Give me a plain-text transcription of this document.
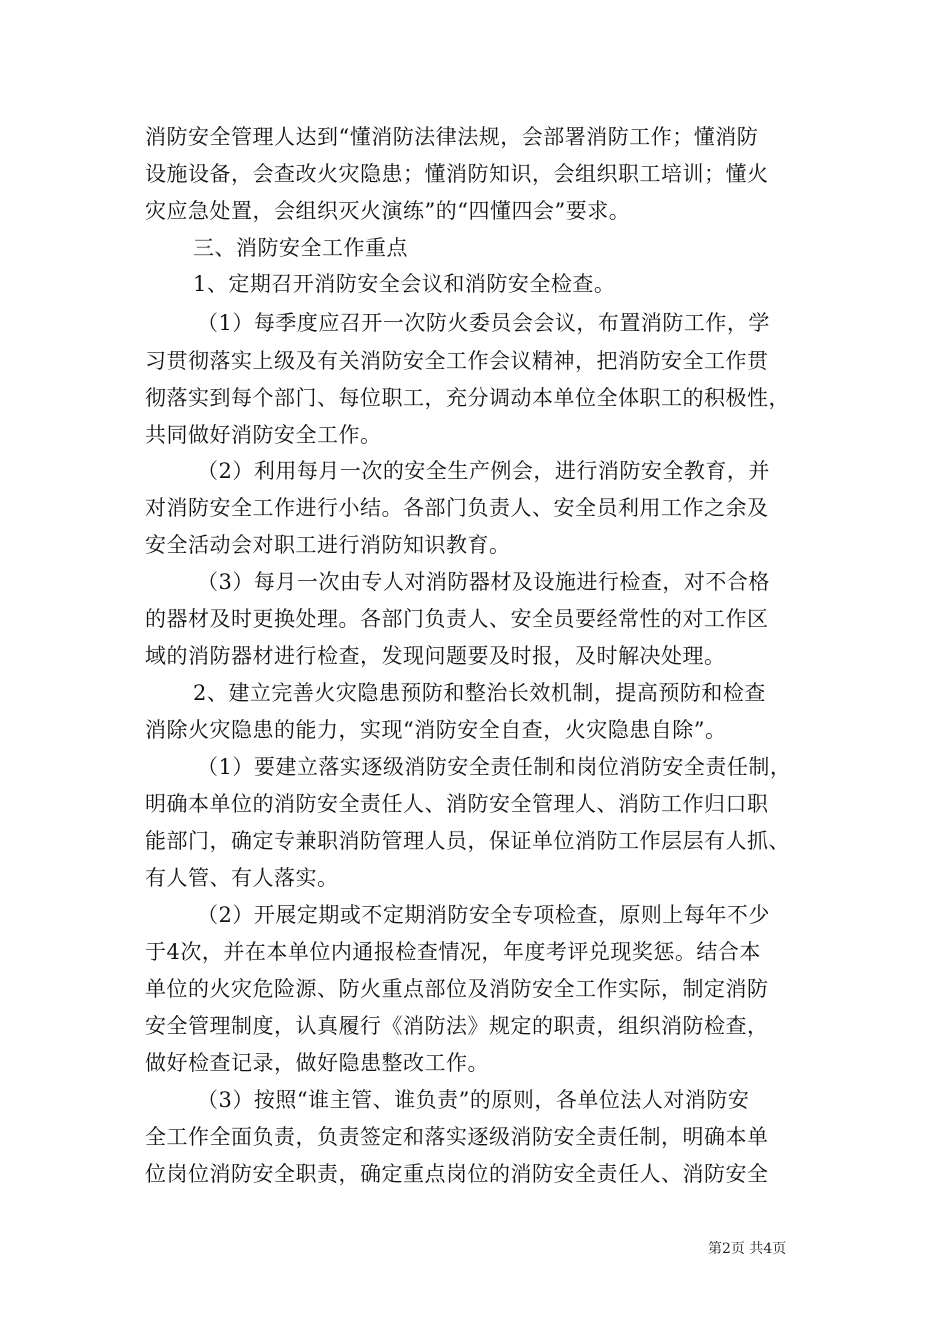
消防安全管理人达到“懂消防法律法规，会部署消防工作；懂消防
设施设备，会查改火灾隐患；懂消防知识，会组织职工培训；懂火
灾应急处置，会组织灭火演练”的“四懂四会”要求。
三、消防安全工作重点
1、定期召开消防安全会议和消防安全检查。
（1）每季度应召开一次防火委员会会议，布置消防工作，学
习贯彻落实上级及有关消防安全工作会议精神，把消防安全工作贯
彻落实到每个部门、每位职工，充分调动本单位全体职工的积极性，
共同做好消防安全工作。
（2）利用每月一次的安全生产例会，进行消防安全教育，并
对消防安全工作进行小结。各部门负责人、安全员利用工作之余及
安全活动会对职工进行消防知识教育。
（3）每月一次由专人对消防器材及设施进行检查，对不合格
的器材及时更换处理。各部门负责人、安全员要经常性的对工作区
域的消防器材进行检查，发现问题要及时报，及时解决处理。
2、建立完善火灾隐患预防和整治长效机制，提高预防和检查
消除火灾隐患的能力，实现“消防安全自查，火灾隐患自除”。
（1）要建立落实逐级消防安全责任制和岗位消防安全责任制，
明确本单位的消防安全责任人、消防安全管理人、消防工作归口职
能部门，确定专兼职消防管理人员，保证单位消防工作层层有人抓、
有人管、有人落实。
（2）开展定期或不定期消防安全专项检查，原则上每年不少
于4次，并在本单位内通报检查情况，年度考评兑现奖惩。结合本
单位的火灾危险源、防火重点部位及消防安全工作实际，制定消防
安全管理制度，认真履行《消防法》规定的职责，组织消防检查，
做好检查记录，做好隐患整改工作。
（3）按照“谁主管、谁负责”的原则，各单位法人对消防安
全工作全面负责，负责签定和落实逐级消防安全责任制，明确本单
位岗位消防安全职责，确定重点岗位的消防安全责任人、消防安全
第2页 共4页
